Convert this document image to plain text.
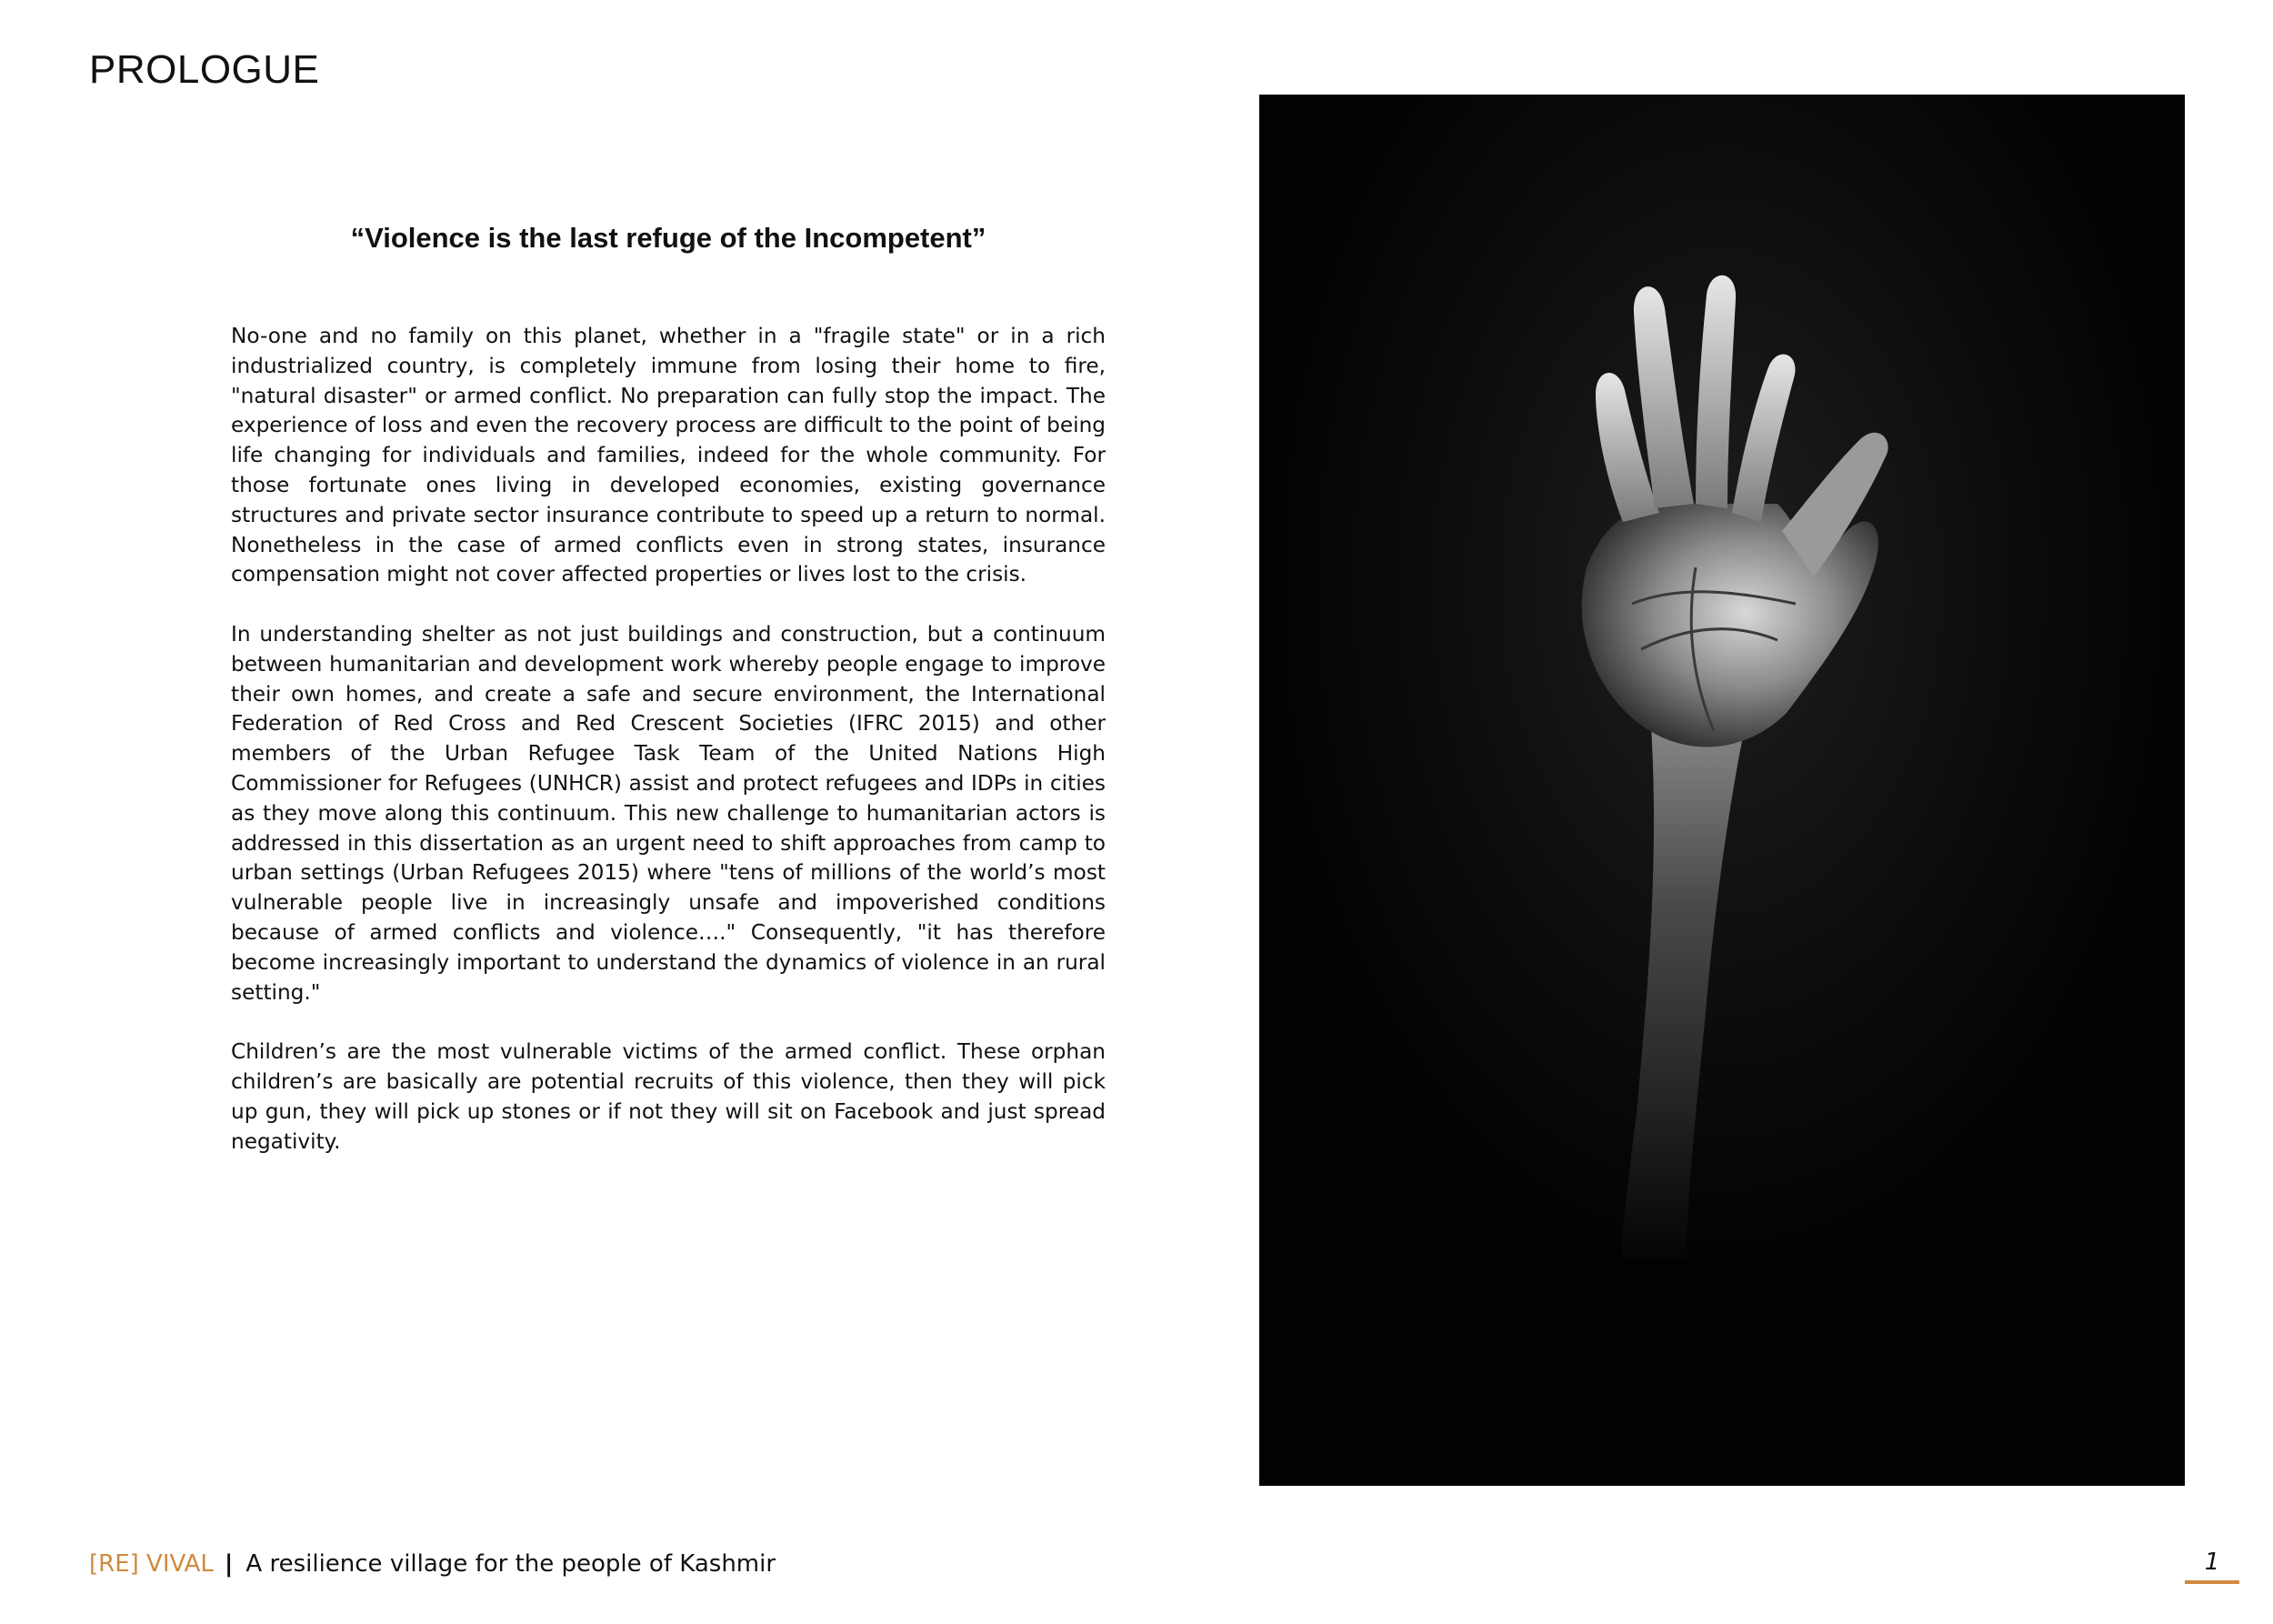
PROLOGUE
“Violence is the last refuge of the Incompetent”

No-one and no family on this planet, whether in a "fragile state" or in a rich industrialized country, is completely immune from losing their home to fire, "natural disaster" or armed conflict. No preparation can fully stop the impact. The experience of loss and even the recovery process are difficult to the point of being life changing for individuals and families, indeed for the whole community. For those fortunate ones living in developed economies, existing governance structures and private sector insurance contribute to speed up a return to normal. Nonetheless in the case of armed conflicts even in strong states, insurance compensation might not cover affected properties or lives lost to the crisis.

In understanding shelter as not just buildings and construction, but a continuum between humanitarian and development work whereby people engage to improve their own homes, and create a safe and secure environment, the International Federation of Red Cross and Red Crescent Societies (IFRC 2015) and other members of the Urban Refugee Task Team of the United Nations High Commissioner for Refugees (UNHCR) assist and protect refugees and IDPs in cities as they move along this continuum. This new challenge to humanitarian actors is addressed in this dissertation as an urgent need to shift approaches from camp to urban settings (Urban Refugees 2015) where "tens of millions of the world’s most vulnerable people live in increasingly unsafe and impoverished conditions because of armed conflicts and violence…." Consequently, "it has therefore become increasingly important to understand the dynamics of violence in an rural setting."

Children’s are the most vulnerable victims of the armed conflict. These orphan children’s are basically are potential recruits of this violence, then they will pick up gun, they will pick up stones or if not they will sit on Facebook and just spread negativity.

[RE] VIVAL | A resilience village for the people of Kashmir	1
